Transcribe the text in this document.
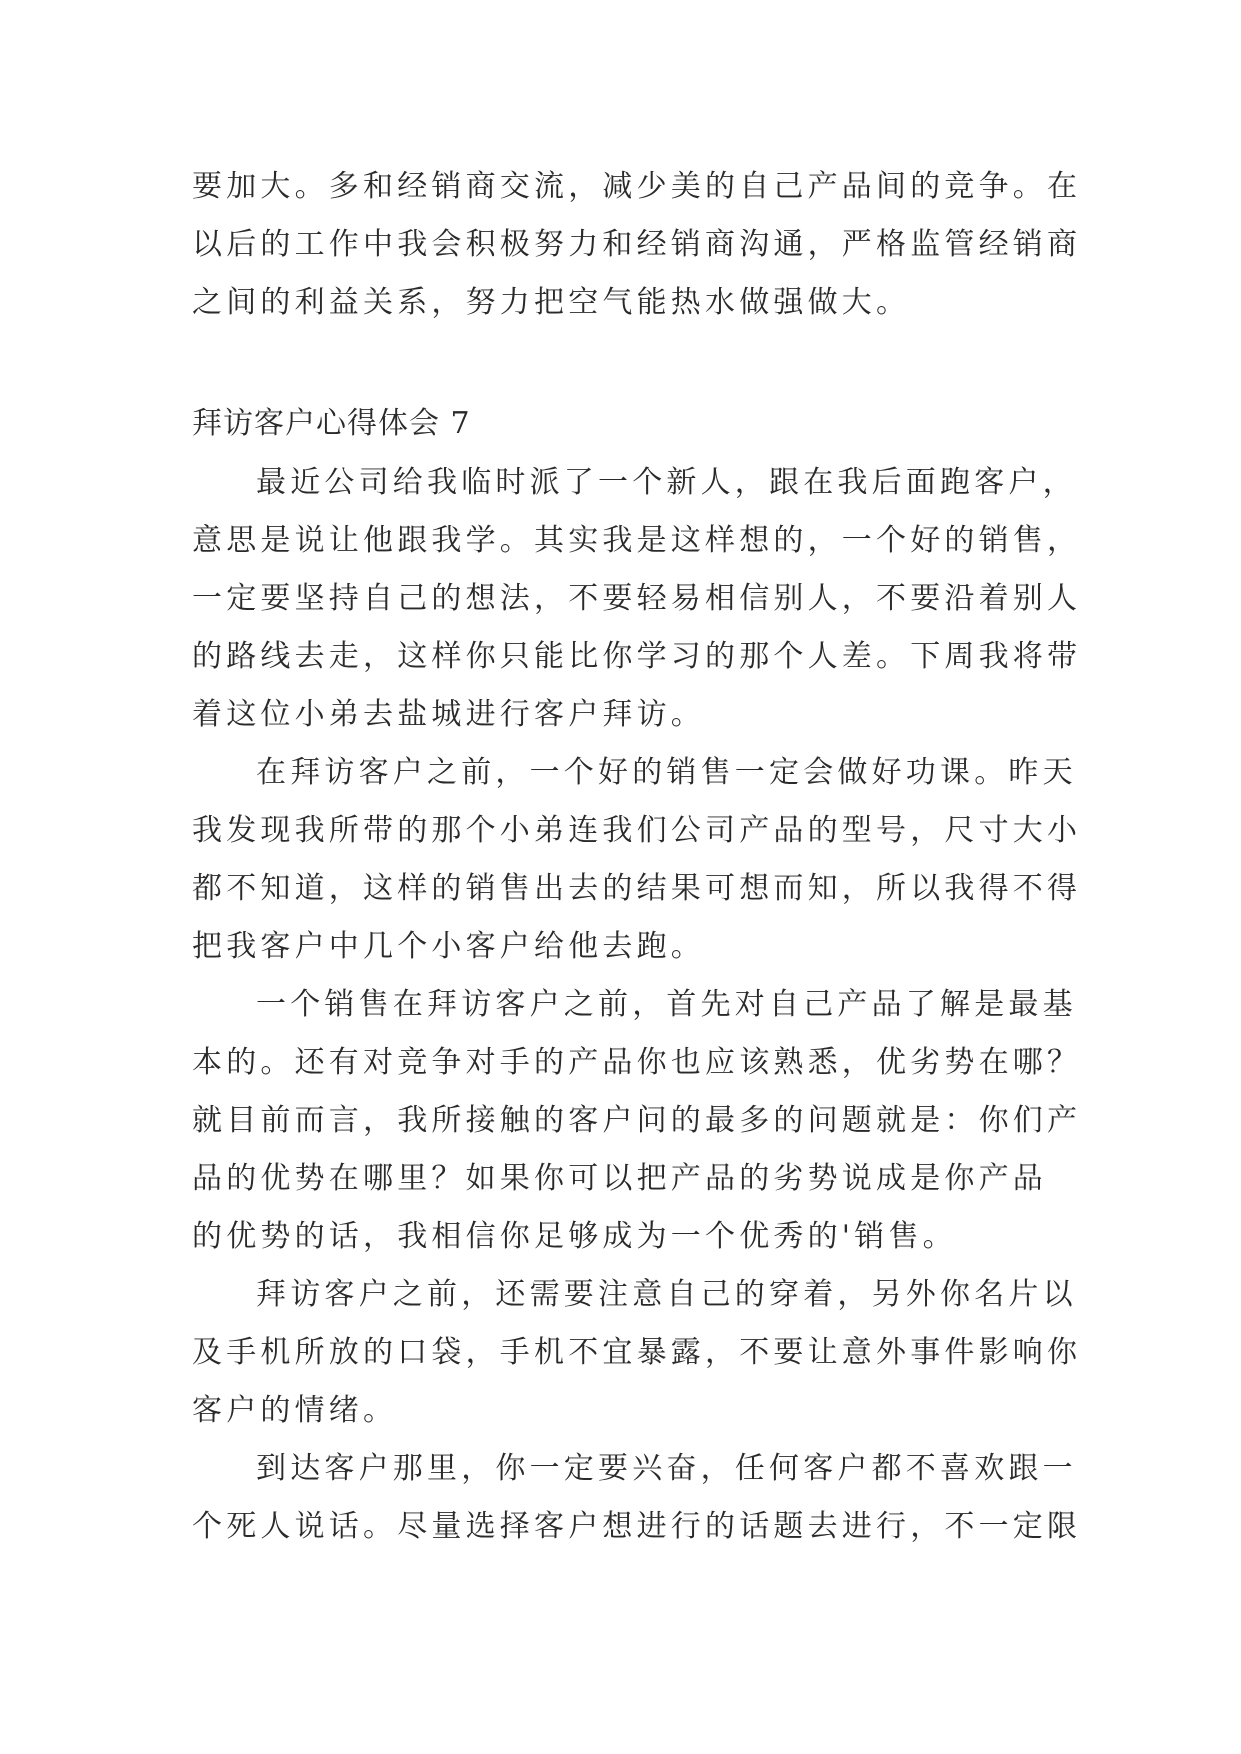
要加大。多和经销商交流，减少美的自己产品间的竞争。在
以后的工作中我会积极努力和经销商沟通，严格监管经销商
之间的利益关系，努力把空气能热水做强做大。
拜访客户心得体会 7
最近公司给我临时派了一个新人，跟在我后面跑客户，
意思是说让他跟我学。其实我是这样想的，一个好的销售，
一定要坚持自己的想法，不要轻易相信别人，不要沿着别人
的路线去走，这样你只能比你学习的那个人差。下周我将带
着这位小弟去盐城进行客户拜访。
在拜访客户之前，一个好的销售一定会做好功课。昨天
我发现我所带的那个小弟连我们公司产品的型号，尺寸大小
都不知道，这样的销售出去的结果可想而知，所以我得不得
把我客户中几个小客户给他去跑。
一个销售在拜访客户之前，首先对自己产品了解是最基
本的。还有对竞争对手的产品你也应该熟悉，优劣势在哪？
就目前而言，我所接触的客户问的最多的问题就是：你们产
品的优势在哪里？如果你可以把产品的劣势说成是你产品
的优势的话，我相信你足够成为一个优秀的'销售。
拜访客户之前，还需要注意自己的穿着，另外你名片以
及手机所放的口袋，手机不宜暴露，不要让意外事件影响你
客户的情绪。
到达客户那里，你一定要兴奋，任何客户都不喜欢跟一
个死人说话。尽量选择客户想进行的话题去进行，不一定限
